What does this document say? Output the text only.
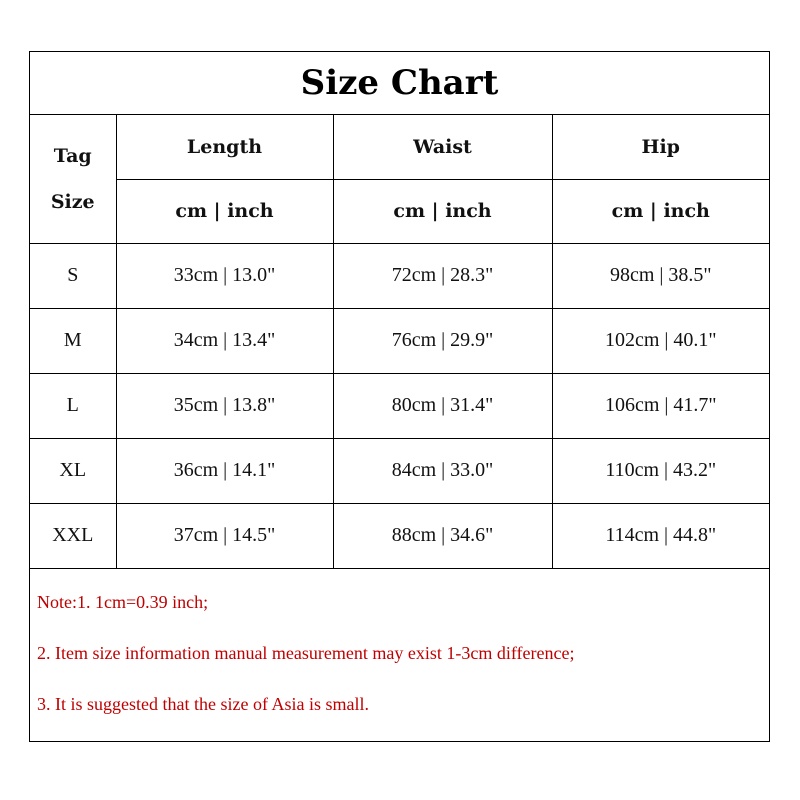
Size Chart
Tag
Size	Length	Waist	Hip
	cm | inch	cm | inch	cm | inch
S	33cm | 13.0"	72cm | 28.3"	98cm | 38.5"
M	34cm | 13.4"	76cm | 29.9"	102cm | 40.1"
L	35cm | 13.8"	80cm | 31.4"	106cm | 41.7"
XL	36cm | 14.1"	84cm | 33.0"	110cm | 43.2"
XXL	37cm | 14.5"	88cm | 34.6"	114cm | 44.8"
Note:1. 1cm=0.39 inch;
2. Item size information manual measurement may exist 1-3cm difference;
3. It is suggested that the size of Asia is small.
